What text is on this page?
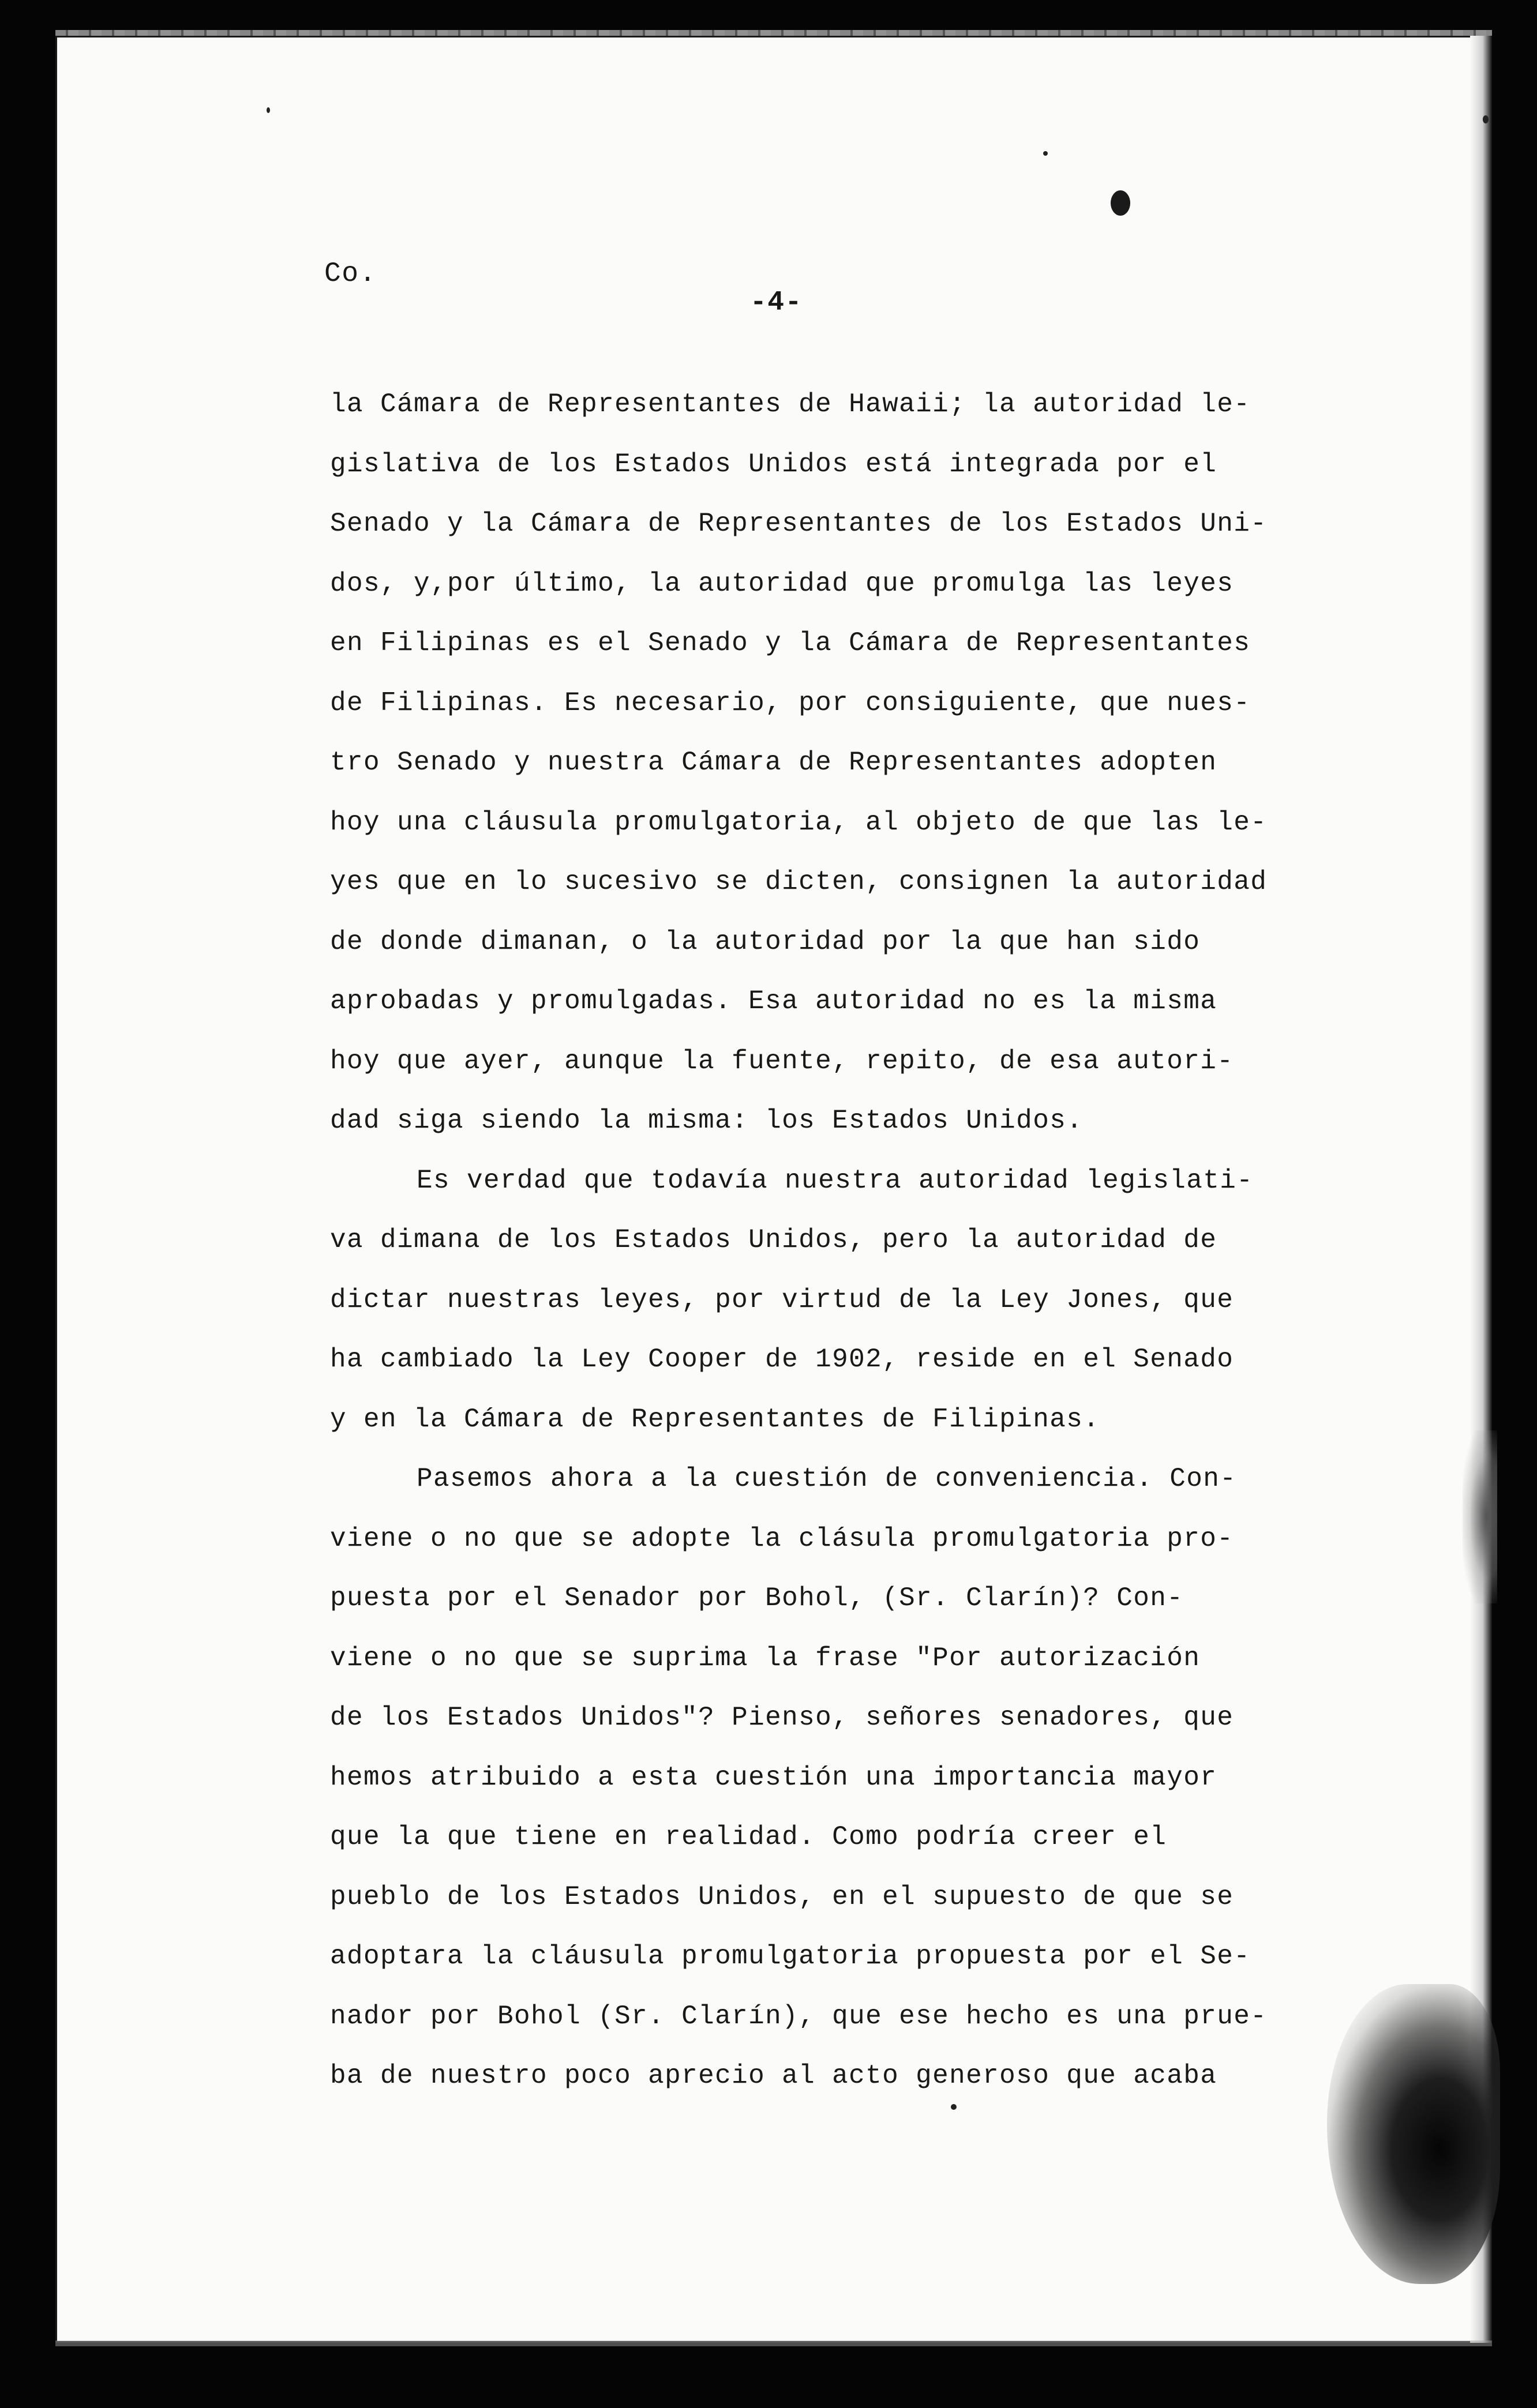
Co.
-4-
la Cámara de Representantes de Hawaii; la autoridad le-
gislativa de los Estados Unidos está integrada por el
Senado y la Cámara de Representantes de los Estados Uni-
dos, y,por último, la autoridad que promulga las leyes
en Filipinas es el Senado y la Cámara de Representantes
de Filipinas. Es necesario, por consiguiente, que nues-
tro Senado y nuestra Cámara de Representantes adopten
hoy una cláusula promulgatoria, al objeto de que las le-
yes que en lo sucesivo se dicten, consignen la autoridad
de donde dimanan, o la autoridad por la que han sido
aprobadas y promulgadas. Esa autoridad no es la misma
hoy que ayer, aunque la fuente, repito, de esa autori-
dad siga siendo la misma: los Estados Unidos.
Es verdad que todavía nuestra autoridad legislati-
va dimana de los Estados Unidos, pero la autoridad de
dictar nuestras leyes, por virtud de la Ley Jones, que
ha cambiado la Ley Cooper de 1902, reside en el Senado
y en la Cámara de Representantes de Filipinas.
Pasemos ahora a la cuestión de conveniencia. Con-
viene o no que se adopte la clásula promulgatoria pro-
puesta por el Senador por Bohol, (Sr. Clarín)? Con-
viene o no que se suprima la frase "Por autorización
de los Estados Unidos"? Pienso, señores senadores, que
hemos atribuido a esta cuestión una importancia mayor
que la que tiene en realidad. Como podría creer el
pueblo de los Estados Unidos, en el supuesto de que se
adoptara la cláusula promulgatoria propuesta por el Se-
nador por Bohol (Sr. Clarín), que ese hecho es una prue-
ba de nuestro poco aprecio al acto generoso que acaba
